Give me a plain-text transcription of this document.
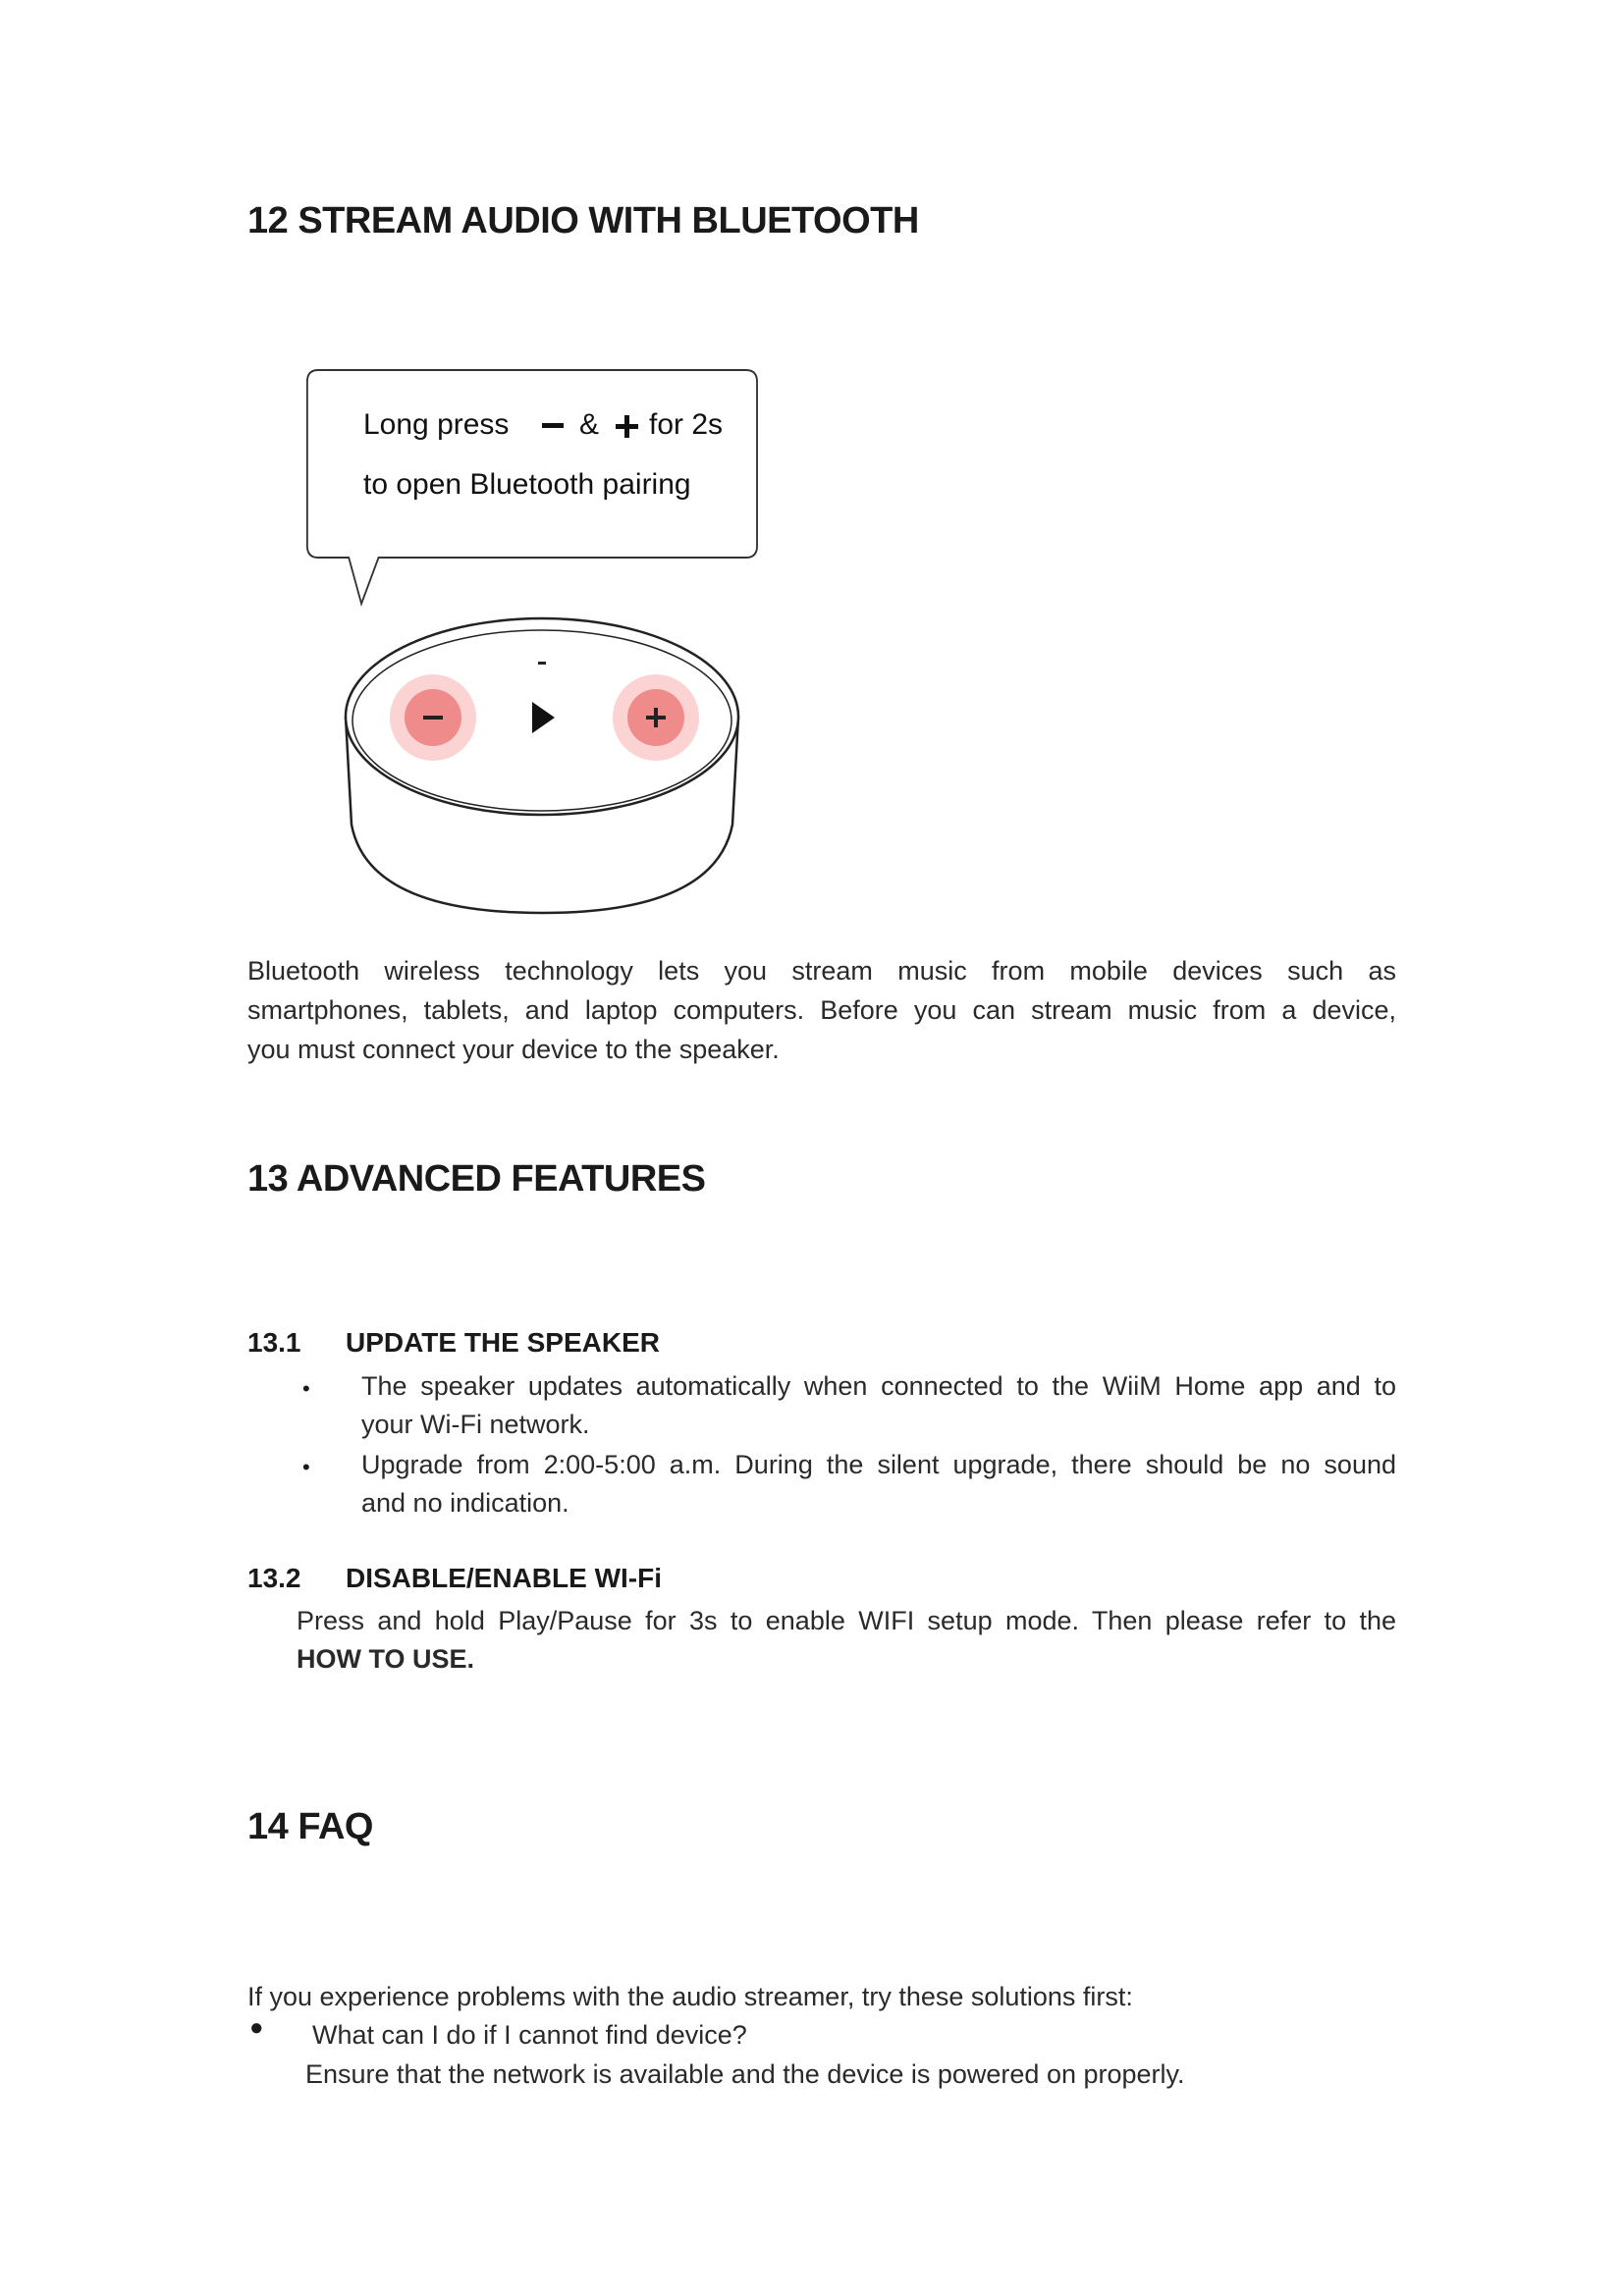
12 STREAM AUDIO WITH BLUETOOTH
Long press & for 2s
to open Bluetooth pairing
Bluetooth wireless technology lets you stream music from mobile devices such as
smartphones, tablets, and laptop computers. Before you can stream music from a device,
you must connect your device to the speaker.
13 ADVANCED FEATURES
13.1 UPDATE THE SPEAKER
• The speaker updates automatically when connected to the WiiM Home app and to
your Wi-Fi network.
• Upgrade from 2:00-5:00 a.m. During the silent upgrade, there should be no sound
and no indication.
13.2 DISABLE/ENABLE WI-Fi
Press and hold Play/Pause for 3s to enable WIFI setup mode. Then please refer to the
HOW TO USE.
14 FAQ
If you experience problems with the audio streamer, try these solutions first:
● What can I do if I cannot find device?
Ensure that the network is available and the device is powered on properly.
